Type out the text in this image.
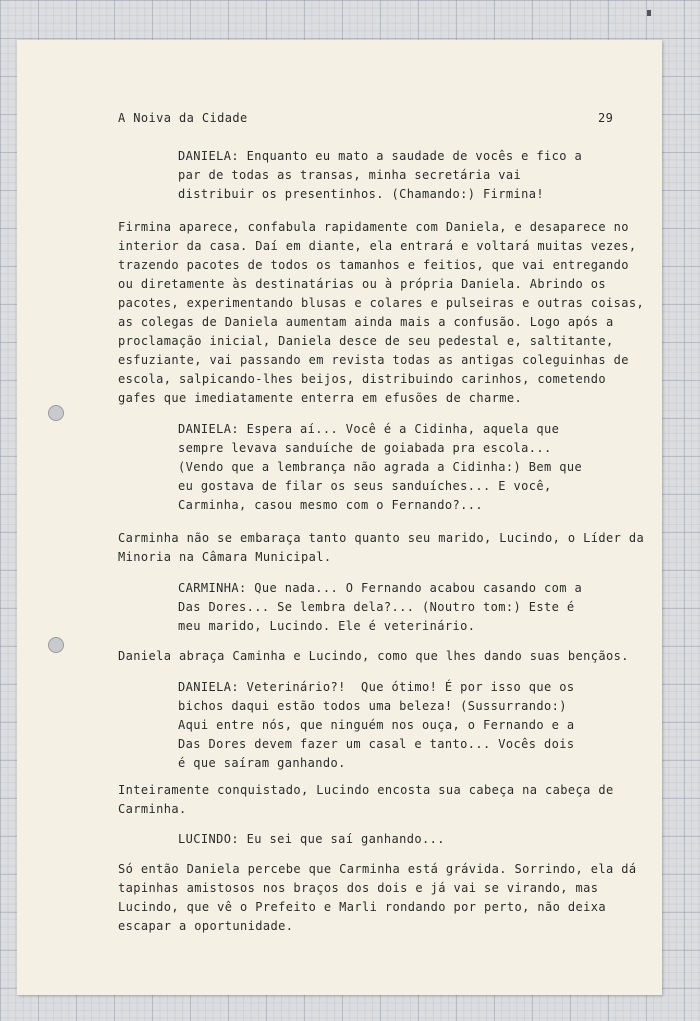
A Noiva da Cidade	29
DANIELA: Enquanto eu mato a saudade de vocês e fico a
par de todas as transas, minha secretária vai
distribuir os presentinhos. (Chamando:) Firmina!
Firmina aparece, confabula rapidamente com Daniela, e desaparece no
interior da casa. Daí em diante, ela entrará e voltará muitas vezes,
trazendo pacotes de todos os tamanhos e feitios, que vai entregando
ou diretamente às destinatárias ou à própria Daniela. Abrindo os
pacotes, experimentando blusas e colares e pulseiras e outras coisas,
as colegas de Daniela aumentam ainda mais a confusão. Logo após a
proclamação inicial, Daniela desce de seu pedestal e, saltitante,
esfuziante, vai passando em revista todas as antigas coleguinhas de
escola, salpicando-lhes beijos, distribuindo carinhos, cometendo
gafes que imediatamente enterra em efusões de charme.
DANIELA: Espera aí... Você é a Cidinha, aquela que
sempre levava sanduíche de goiabada pra escola...
(Vendo que a lembrança não agrada a Cidinha:) Bem que
eu gostava de filar os seus sanduíches... E você,
Carminha, casou mesmo com o Fernando?...
Carminha não se embaraça tanto quanto seu marido, Lucindo, o Líder da
Minoria na Câmara Municipal.
CARMINHA: Que nada... O Fernando acabou casando com a
Das Dores... Se lembra dela?... (Noutro tom:) Este é
meu marido, Lucindo. Ele é veterinário.
Daniela abraça Caminha e Lucindo, como que lhes dando suas bençãos.
DANIELA: Veterinário?!  Que ótimo! É por isso que os
bichos daqui estão todos uma beleza! (Sussurrando:)
Aqui entre nós, que ninguém nos ouça, o Fernando e a
Das Dores devem fazer um casal e tanto... Vocês dois
é que saíram ganhando.
Inteiramente conquistado, Lucindo encosta sua cabeça na cabeça de
Carminha.
LUCINDO: Eu sei que saí ganhando...
Só então Daniela percebe que Carminha está grávida. Sorrindo, ela dá
tapinhas amistosos nos braços dos dois e já vai se virando, mas
Lucindo, que vê o Prefeito e Marli rondando por perto, não deixa
escapar a oportunidade.
